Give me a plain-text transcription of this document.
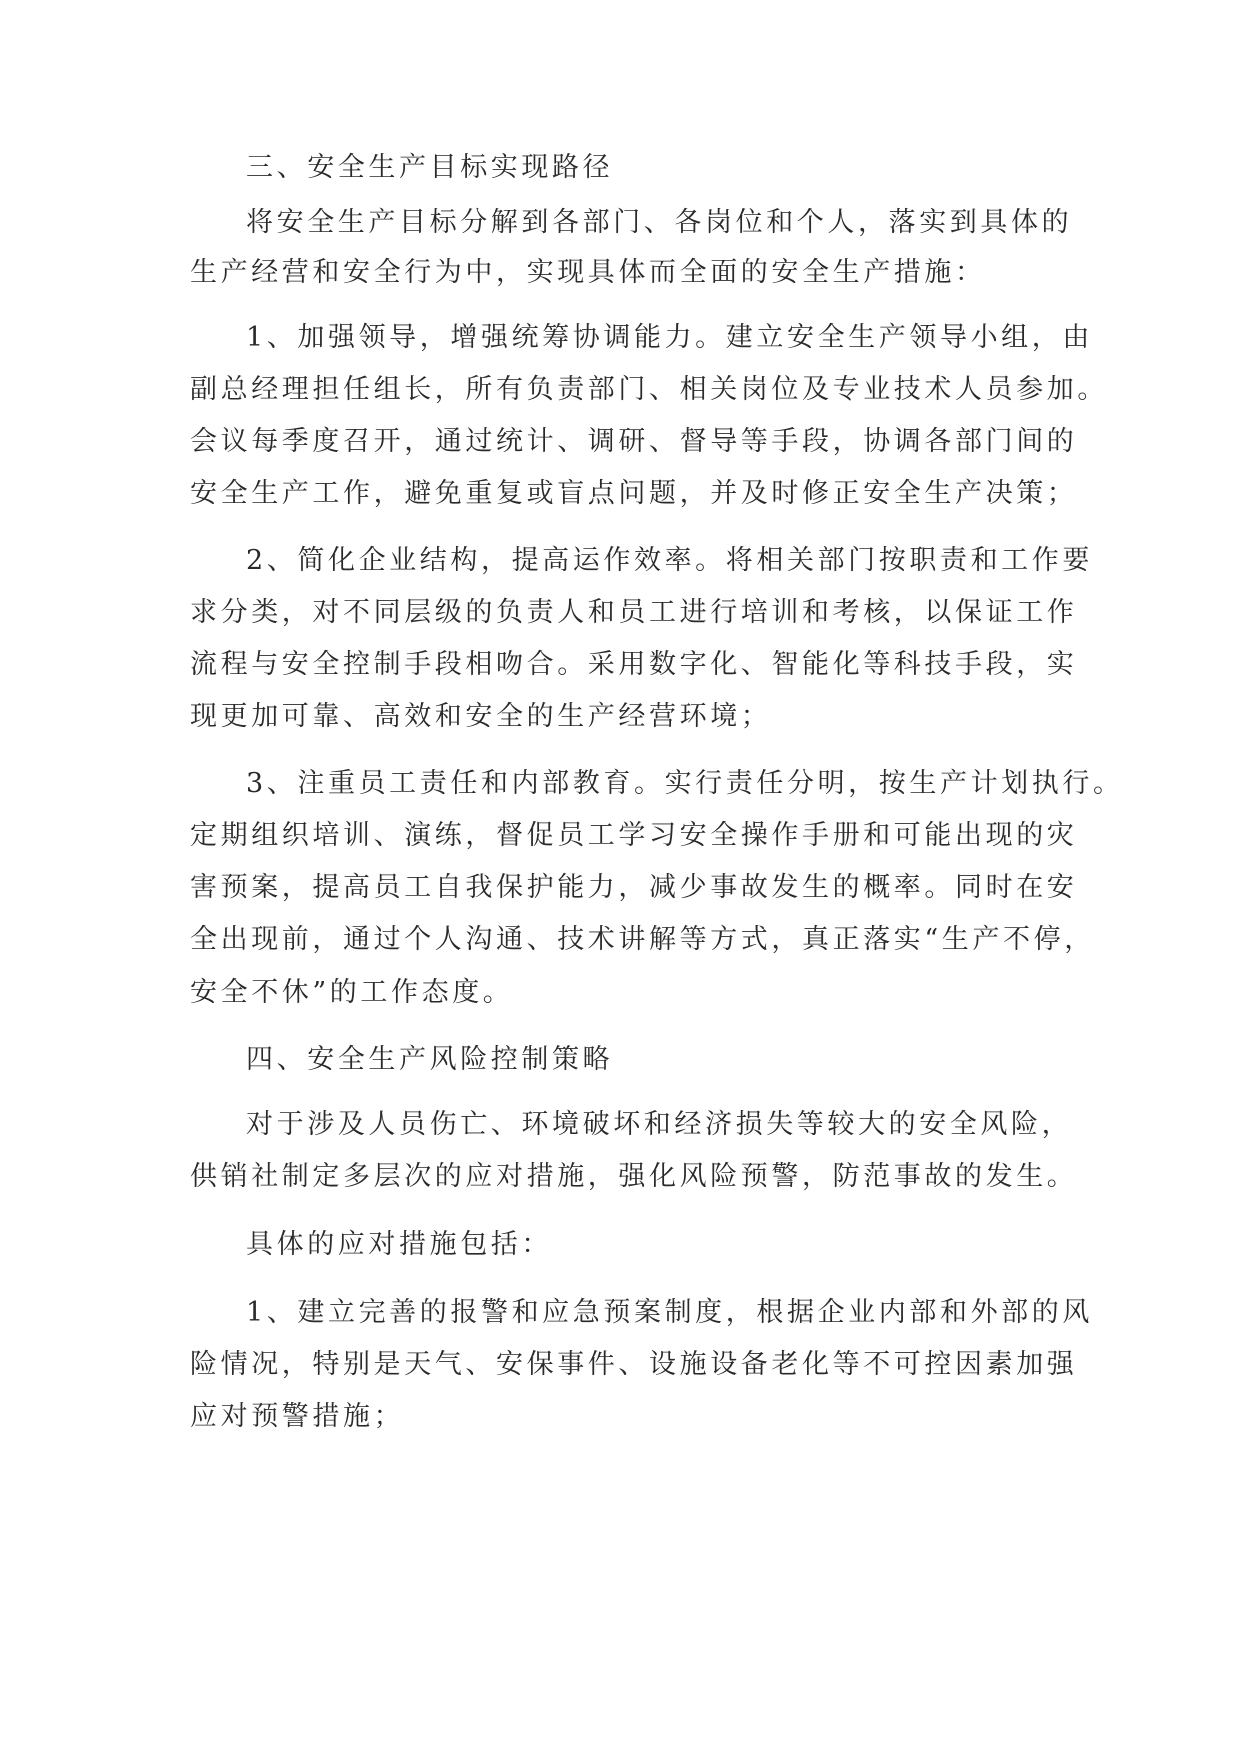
三、安全生产目标实现路径

将安全生产目标分解到各部门、各岗位和个人，落实到具体的

生产经营和安全行为中，实现具体而全面的安全生产措施：

1、加强领导，增强统筹协调能力。建立安全生产领导小组，由

副总经理担任组长，所有负责部门、相关岗位及专业技术人员参加。

会议每季度召开，通过统计、调研、督导等手段，协调各部门间的

安全生产工作，避免重复或盲点问题，并及时修正安全生产决策；

2、简化企业结构，提高运作效率。将相关部门按职责和工作要

求分类，对不同层级的负责人和员工进行培训和考核，以保证工作

流程与安全控制手段相吻合。采用数字化、智能化等科技手段，实

现更加可靠、高效和安全的生产经营环境；

3、注重员工责任和内部教育。实行责任分明，按生产计划执行。

定期组织培训、演练，督促员工学习安全操作手册和可能出现的灾

害预案，提高员工自我保护能力，减少事故发生的概率。同时在安

全出现前，通过个人沟通、技术讲解等方式，真正落实“生产不停，

安全不休”的工作态度。

四、安全生产风险控制策略

对于涉及人员伤亡、环境破坏和经济损失等较大的安全风险，

供销社制定多层次的应对措施，强化风险预警，防范事故的发生。

具体的应对措施包括：

1、建立完善的报警和应急预案制度，根据企业内部和外部的风

险情况，特别是天气、安保事件、设施设备老化等不可控因素加强

应对预警措施；
